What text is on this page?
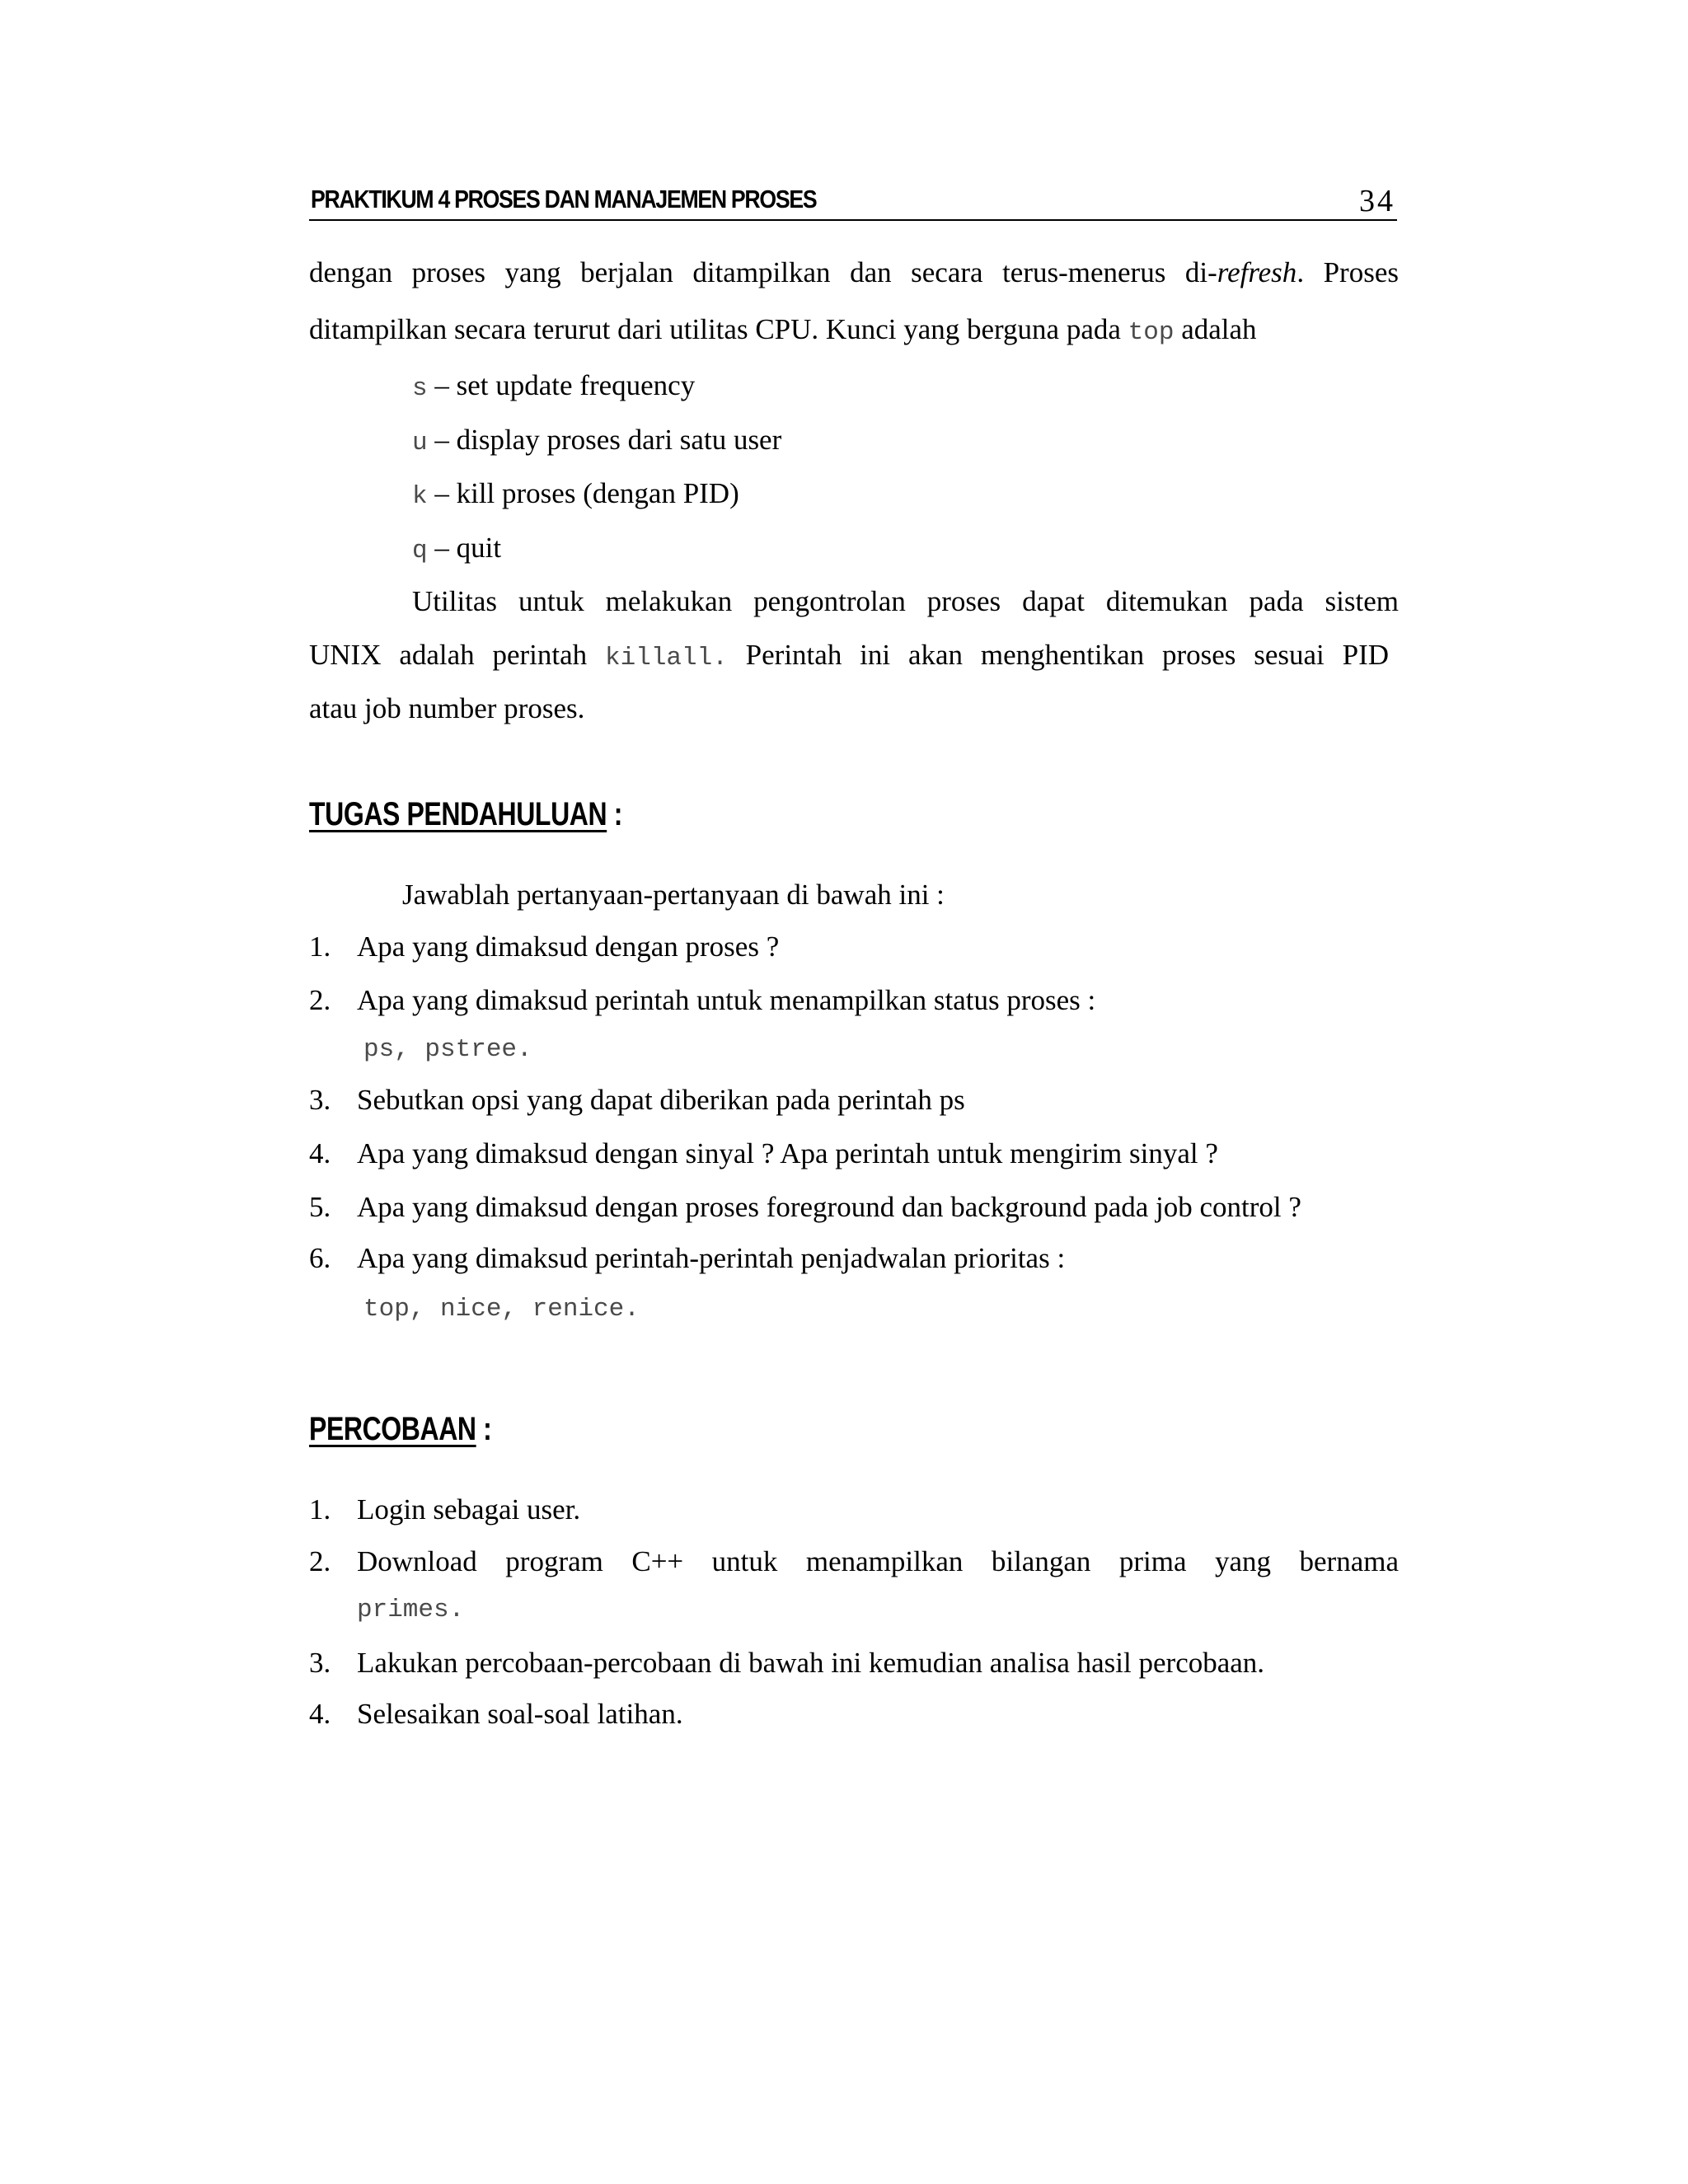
PRAKTIKUM 4 PROSES DAN MANAJEMEN PROSES	34
dengan proses yang berjalan ditampilkan dan secara terus-menerus di-refresh. Proses
ditampilkan secara terurut dari utilitas CPU. Kunci yang berguna pada top adalah
s – set update frequency
u – display proses dari satu user
k – kill proses (dengan PID)
q – quit
Utilitas untuk melakukan pengontrolan proses dapat ditemukan pada sistem
UNIX adalah perintah killall. Perintah ini akan menghentikan proses sesuai PID
atau job number proses.
TUGAS PENDAHULUAN :
Jawablah pertanyaan-pertanyaan di bawah ini :
1. Apa yang dimaksud dengan proses ?
2. Apa yang dimaksud perintah untuk menampilkan status proses :
ps, pstree.
3. Sebutkan opsi yang dapat diberikan pada perintah ps
4. Apa yang dimaksud dengan sinyal ? Apa perintah untuk mengirim sinyal ?
5. Apa yang dimaksud dengan proses foreground dan background pada job control ?
6. Apa yang dimaksud perintah-perintah penjadwalan prioritas :
top, nice, renice.
PERCOBAAN :
1. Login sebagai user.
2. Download program C++ untuk menampilkan bilangan prima yang bernama
primes.
3. Lakukan percobaan-percobaan di bawah ini kemudian analisa hasil percobaan.
4. Selesaikan soal-soal latihan.
